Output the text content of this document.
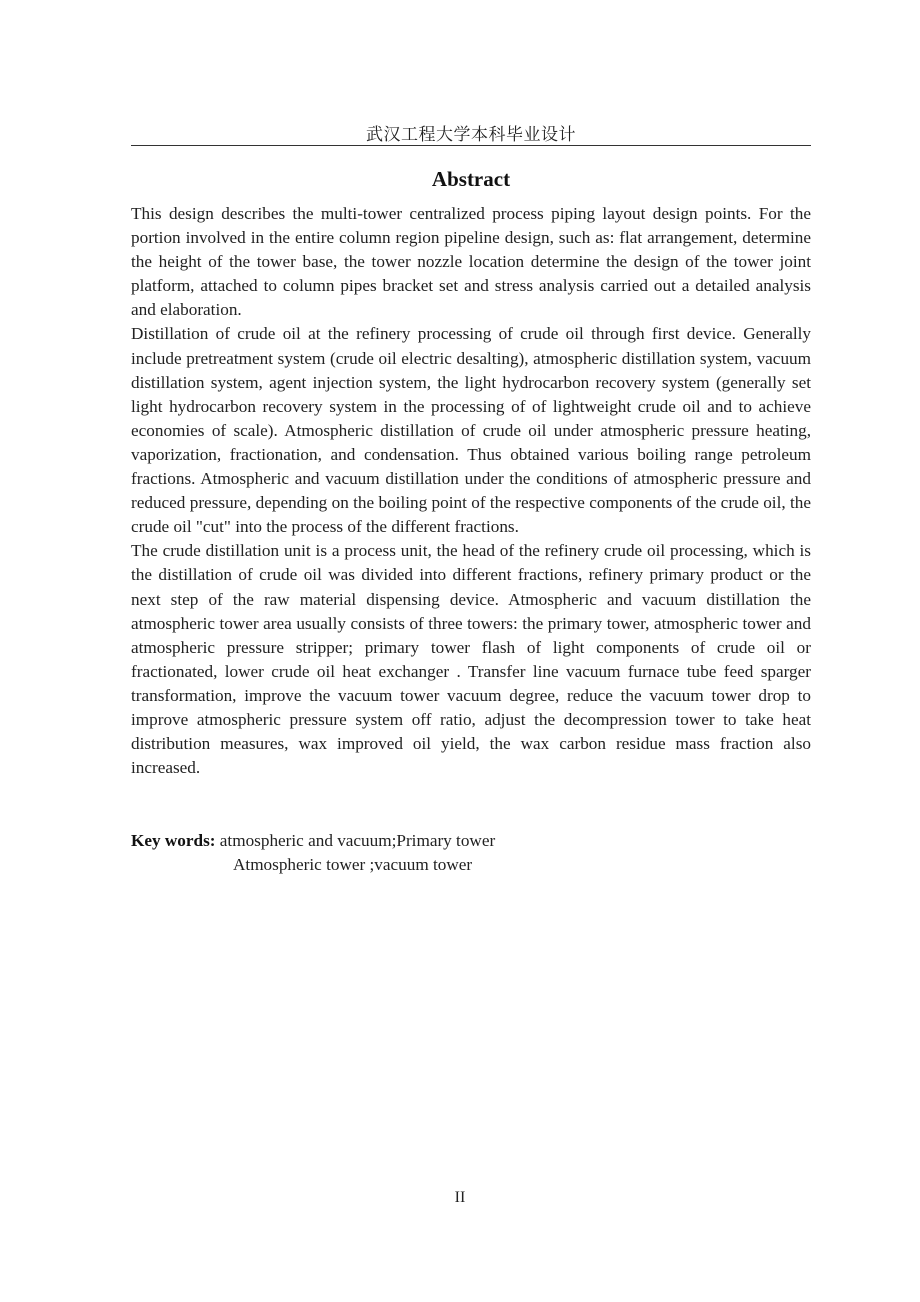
武汉工程大学本科毕业设计
Abstract

This design describes the multi-tower centralized process piping layout design points. For the portion involved in the entire column region pipeline design, such as: flat arrangement, determine the height of the tower base, the tower nozzle location determine the design of the tower joint platform, attached to column pipes bracket set and stress analysis carried out a detailed analysis and elaboration.

Distillation of crude oil at the refinery processing of crude oil through first device. Generally include pretreatment system (crude oil electric desalting), atmospheric distillation system, vacuum distillation system, agent injection system, the light hydrocarbon recovery system (generally set light hydrocarbon recovery system in the processing of of lightweight crude oil and to achieve economies of scale). Atmospheric distillation of crude oil under atmospheric pressure heating, vaporization, fractionation, and condensation. Thus obtained various boiling range petroleum fractions. Atmospheric and vacuum distillation under the conditions of atmospheric pressure and reduced pressure, depending on the boiling point of the respective components of the crude oil, the crude oil "cut" into the process of the different fractions.

The crude distillation unit is a process unit, the head of the refinery crude oil processing, which is the distillation of crude oil was divided into different fractions, refinery primary product or the next step of the raw material dispensing device. Atmospheric and vacuum distillation the atmospheric tower area usually consists of three towers: the primary tower, atmospheric tower and atmospheric pressure stripper; primary tower flash of light components of crude oil or fractionated, lower crude oil heat exchanger . Transfer line vacuum furnace tube feed sparger transformation, improve the vacuum tower vacuum degree, reduce the vacuum tower drop to improve atmospheric pressure system off ratio, adjust the decompression tower to take heat distribution measures, wax improved oil yield, the wax carbon residue mass fraction also increased.

Key words: atmospheric and vacuum;Primary tower
Atmospheric tower ;vacuum tower
II
